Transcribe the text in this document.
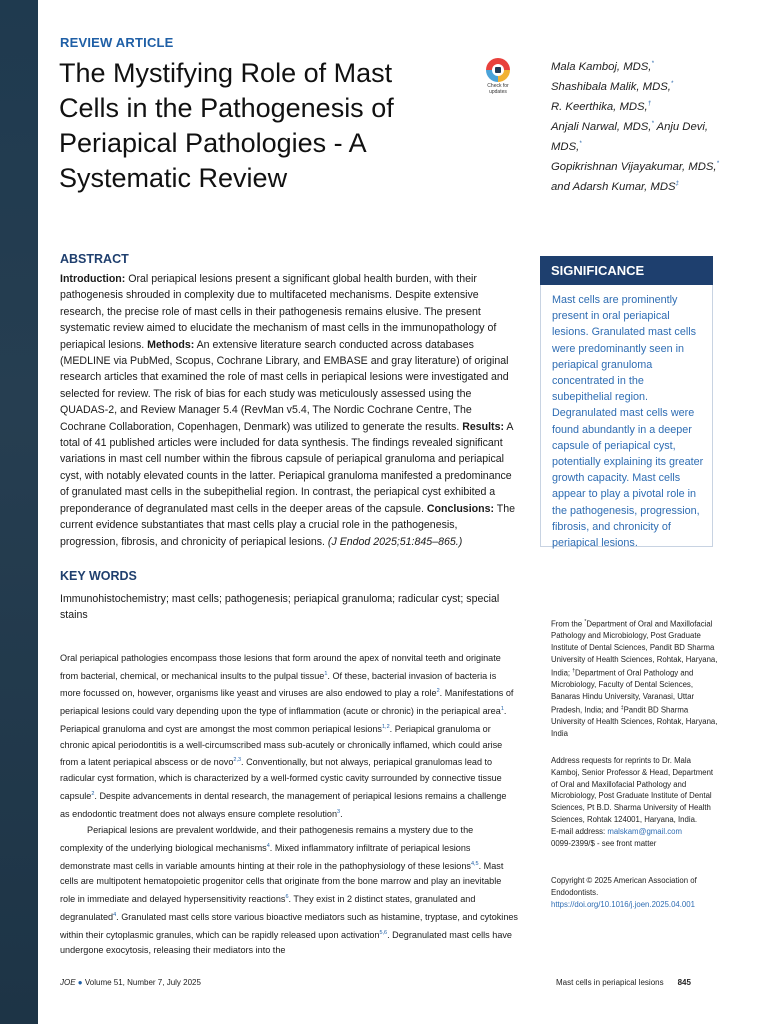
REVIEW ARTICLE
The Mystifying Role of Mast Cells in the Pathogenesis of Periapical Pathologies - A Systematic Review
Check for updates
Mala Kamboj, MDS,*
Shashibala Malik, MDS,*
R. Keerthika, MDS,†
Anjali Narwal, MDS,* Anju Devi, MDS,*
Gopikrishnan Vijayakumar, MDS,* and Adarsh Kumar, MDS‡
ABSTRACT
Introduction: Oral periapical lesions present a significant global health burden, with their pathogenesis shrouded in complexity due to multifaceted mechanisms. Despite extensive research, the precise role of mast cells in their pathogenesis remains elusive. The present systematic review aimed to elucidate the mechanism of mast cells in the immunopathology of periapical lesions. Methods: An extensive literature search conducted across databases (MEDLINE via PubMed, Scopus, Cochrane Library, and EMBASE and gray literature) of original research articles that examined the role of mast cells in periapical lesions were investigated and selected for review. The risk of bias for each study was meticulously assessed using the QUADAS-2, and Review Manager 5.4 (RevMan v5.4, The Nordic Cochrane Centre, The Cochrane Collaboration, Copenhagen, Denmark) was utilized to generate the results. Results: A total of 41 published articles were included for data synthesis. The findings revealed significant variations in mast cell number within the fibrous capsule of periapical granuloma and periapical cyst, with notably elevated counts in the latter. Periapical granuloma manifested a predominance of granulated mast cells in the subepithelial region. In contrast, the periapical cyst exhibited a preponderance of degranulated mast cells in the deeper areas of the capsule. Conclusions: The current evidence substantiates that mast cells play a crucial role in the pathogenesis, progression, fibrosis, and chronicity of periapical lesions. (J Endod 2025;51:845–865.)
SIGNIFICANCE
Mast cells are prominently present in oral periapical lesions. Granulated mast cells were predominantly seen in periapical granuloma concentrated in the subepithelial region. Degranulated mast cells were found abundantly in a deeper capsule of periapical cyst, potentially explaining its greater growth capacity. Mast cells appear to play a pivotal role in the pathogenesis, progression, fibrosis, and chronicity of periapical lesions.
KEY WORDS
Immunohistochemistry; mast cells; pathogenesis; periapical granuloma; radicular cyst; special stains

Oral periapical pathologies encompass those lesions that form around the apex of nonvital teeth and originate from bacterial, chemical, or mechanical insults to the pulpal tissue$^1$. Of these, bacterial invasion of bacteria is more focussed on, however, organisms like yeast and viruses are also endowed to play a role$^2$. Manifestations of periapical lesions could vary depending upon the type of inflammation (acute or chronic) in the periapical area$^1$. Periapical granuloma and cyst are amongst the most common periapical lesions$^{1,2}$. Periapical granuloma or chronic apical periodontitis is a well-circumscribed mass sub-acutely or chronically inflamed, which could arise from a latent periapical abscess or de novo$^{2,3}$. Conventionally, but not always, periapical granulomas lead to radicular cyst formation, which is characterized by a well-formed cystic cavity surrounded by connective tissue capsule$^2$. Despite advancements in dental research, the management of periapical lesions remains a challenge as endodontic treatment does not always ensure complete resolution$^3$.

Periapical lesions are prevalent worldwide, and their pathogenesis remains a mystery due to the complexity of the underlying biological mechanisms$^4$. Mixed inflammatory infiltrate of periapical lesions demonstrate mast cells in variable amounts hinting at their role in the pathophysiology of these lesions$^{4,5}$. Mast cells are multipotent hematopoietic progenitor cells that originate from the bone marrow and play an inevitable role in immediate and delayed hypersensitivity reactions$^6$. They exist in 2 distinct states, granulated and degranulated$^4$. Granulated mast cells store various bioactive mediators such as histamine, tryptase, and cytokines within their cytoplasmic granules, which can be rapidly released upon activation$^{5,6}$. Degranulated mast cells have undergone exocytosis, releasing their mediators into the

From the *Department of Oral and Maxillofacial Pathology and Microbiology, Post Graduate Institute of Dental Sciences, Pandit BD Sharma University of Health Sciences, Rohtak, Haryana, India; †Department of Oral Pathology and Microbiology, Faculty of Dental Sciences, Banaras Hindu University, Varanasi, Uttar Pradesh, India; and ‡Pandit BD Sharma University of Health Sciences, Rohtak, Haryana, India
Address requests for reprints to Dr. Mala Kamboj, Senior Professor & Head, Department of Oral and Maxillofacial Pathology and Microbiology, Post Graduate Institute of Dental Sciences, Pt B.D. Sharma University of Health Sciences, Rohtak 124001, Haryana, India.
E-mail address: malskam@gmail.com
0099-2399/$ - see front matter
Copyright © 2025 American Association of Endodontists.
https://doi.org/10.1016/j.joen.2025.04.001
JOE ● Volume 51, Number 7, July 2025	Mast cells in periapical lesions 845
